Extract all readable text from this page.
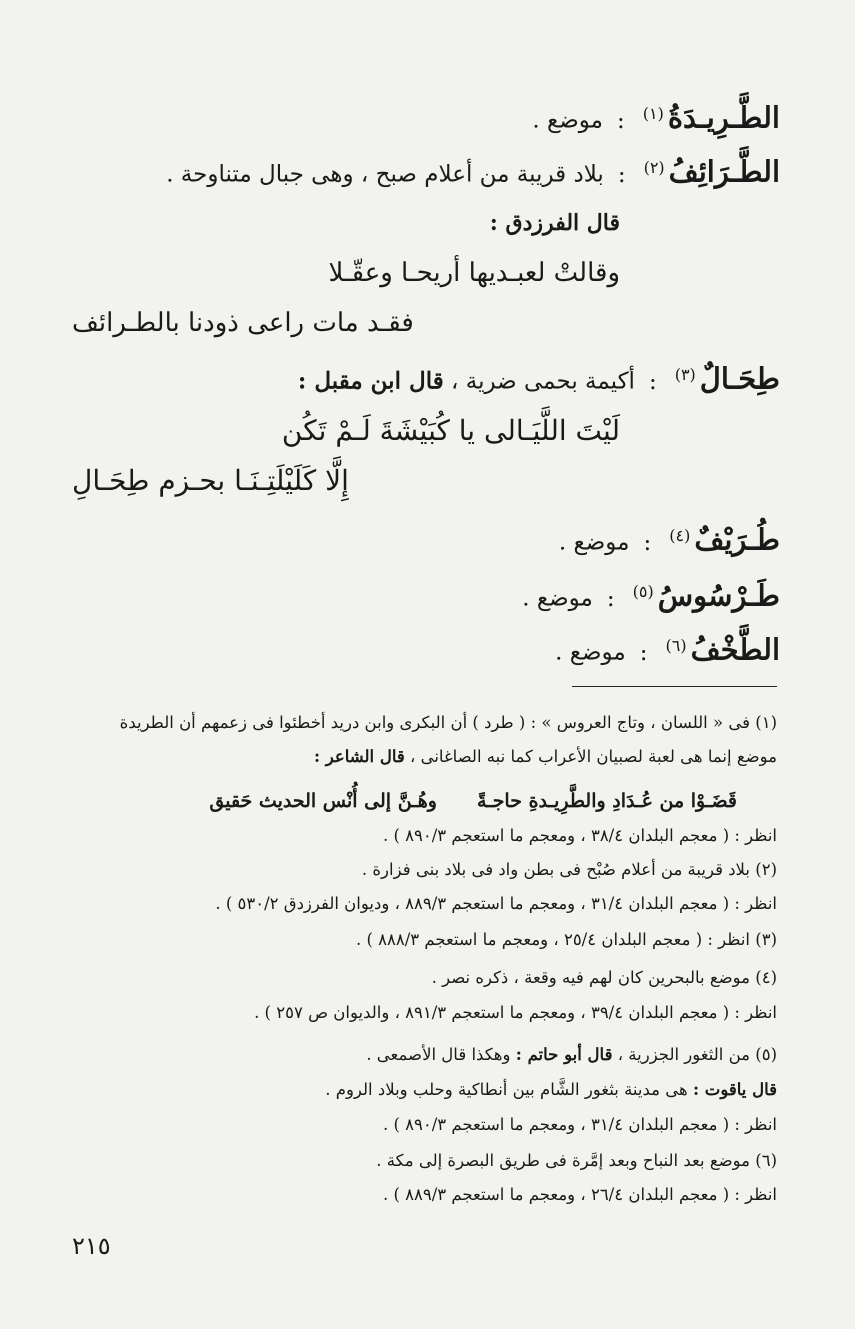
الطَّـرِيـدَةُ$^{(١)}$:موضع .
الطَّـرَائِفُ$^{(٢)}$:بلاد قريبة من أعلام صبح ، وهى جبال متناوحة .
قال الفرزدق :
وقالتْ لعبـديها أريحـا وعقّـلا
فقـد مات راعى ذودنا بالطـرائف
طِحَـالٌ$^{(٣)}$:أكيمة بحمى ضرية ، قال ابن مقبل :
لَيْتَ اللَّيَـالى يا كُبَيْشَةَ لَـمْ تَكُن
إِلَّا كَلَيْلَتِـنَـا بحـزم طِحَـالِ
طُـرَيْفٌ$^{(٤)}$:موضع .
طَـرْسُوسُ$^{(٥)}$:موضع .
الطَّخْفُ$^{(٦)}$:موضع .
(١) فى « اللسان ، وتاج العروس » : ( طرد ) أن البكرى وابن دريد أخطئوا فى زعمهم أن الطريدة
موضع إنما هى لعبة لصبيان الأعراب كما نبه الصاغانى ، قال الشاعر :
قَضَـوْا من عُـدَادِ والطَّرِيـدةِ حاجـةًوهُـنَّ إلى أُنْس الحديث حَقيق
انظر : ( معجم البلدان ٣٨/٤ ، ومعجم ما استعجم ٨٩٠/٣ ) .
(٢) بلاد قريبة من أعلام صُبْح فى بطن واد فى بلاد بنى فزارة .
انظر : ( معجم البلدان ٣١/٤ ، ومعجم ما استعجم ٨٨٩/٣ ، وديوان الفرزدق ٥٣٠/٢ ) .
(٣) انظر : ( معجم البلدان ٢٥/٤ ، ومعجم ما استعجم ٨٨٨/٣ ) .
(٤) موضع بالبحرين كان لهم فيه وقعة ، ذكره نصر .
انظر : ( معجم البلدان ٣٩/٤ ، ومعجم ما استعجم ٨٩١/٣ ، والديوان ص ٢٥٧ ) .
(٥) من الثغور الجزرية ، قال أبو حاتم : وهكذا قال الأصمعى .
قال ياقوت : هى مدينة بثغور الشَّام بين أنطاكية وحلب وبلاد الروم .
انظر : ( معجم البلدان ٣١/٤ ، ومعجم ما استعجم ٨٩٠/٣ ) .
(٦) موضع بعد النباح وبعد إمَّرة فى طريق البصرة إلى مكة .
انظر : ( معجم البلدان ٢٦/٤ ، ومعجم ما استعجم ٨٨٩/٣ ) .
٢١٥
